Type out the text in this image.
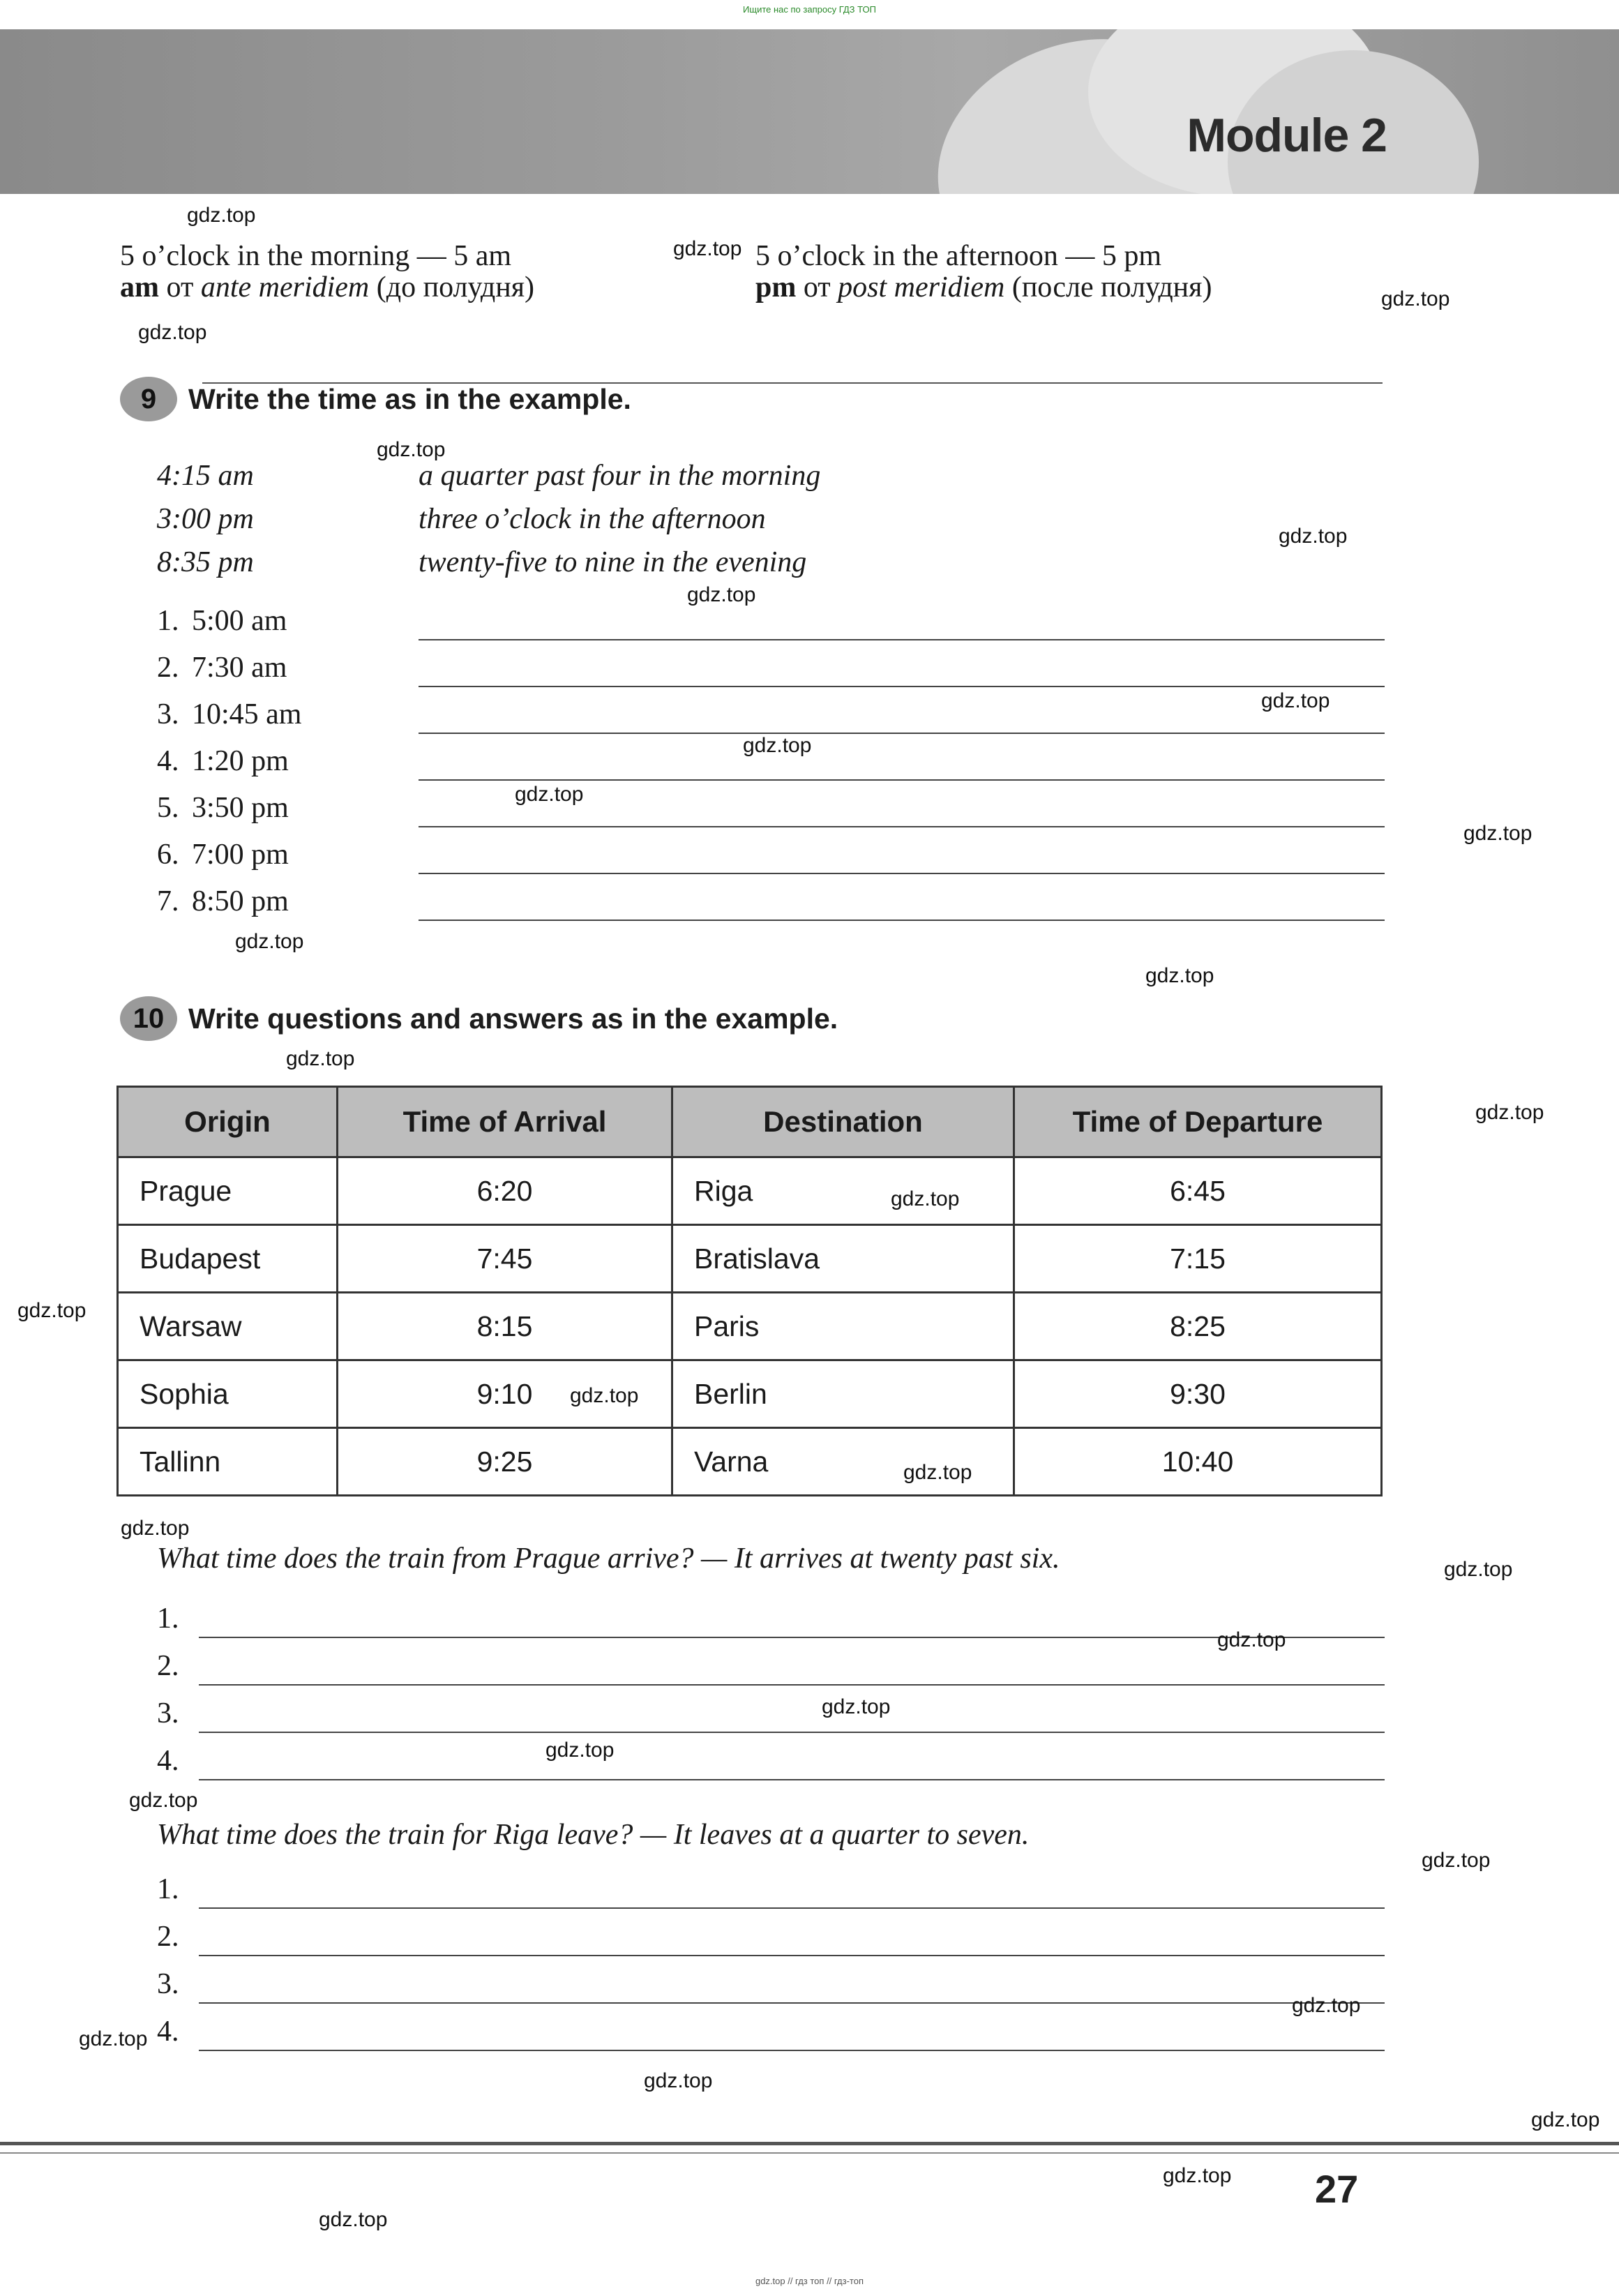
Ищите нас по запросу ГДЗ ТОП
Module 2
5 o’clock in the morning — 5 am	5 o’clock in the afternoon — 5 pm
am от ante meridiem (до полудня)	pm от post meridiem (после полудня)
9	Write the time as in the example.
4:15 am	a quarter past four in the morning
3:00 pm	three o’clock in the afternoon
8:35 pm	twenty-five to nine in the evening
1. 5:00 am
2. 7:30 am
3. 10:45 am
4. 1:20 pm
5. 3:50 pm
6. 7:00 pm
7. 8:50 pm
10 Write questions and answers as in the example.
Origin	Time of Arrival	Destination	Time of Departure
Prague	6:20	Riga	6:45
Budapest	7:45	Bratislava	7:15
Warsaw	8:15	Paris	8:25
Sophia	9:10	Berlin	9:30
Tallinn	9:25	Varna	10:40
What time does the train from Prague arrive? — It arrives at twenty past six.
1.
2.
3.
4.
What time does the train for Riga leave? — It leaves at a quarter to seven.
1.
2.
3.
4.
27
gdz.top // гдз топ // гдз-топ
gdz.top
gdz.top
gdz.top
gdz.top
gdz.top
gdz.top
gdz.top
gdz.top
gdz.top
gdz.top
gdz.top
gdz.top
gdz.top
gdz.top
gdz.top
gdz.top
gdz.top
gdz.top
gdz.top
gdz.top
gdz.top
gdz.top
gdz.top
gdz.top
gdz.top
gdz.top
gdz.top
gdz.top
gdz.top
gdz.top
gdz.top
gdz.top
